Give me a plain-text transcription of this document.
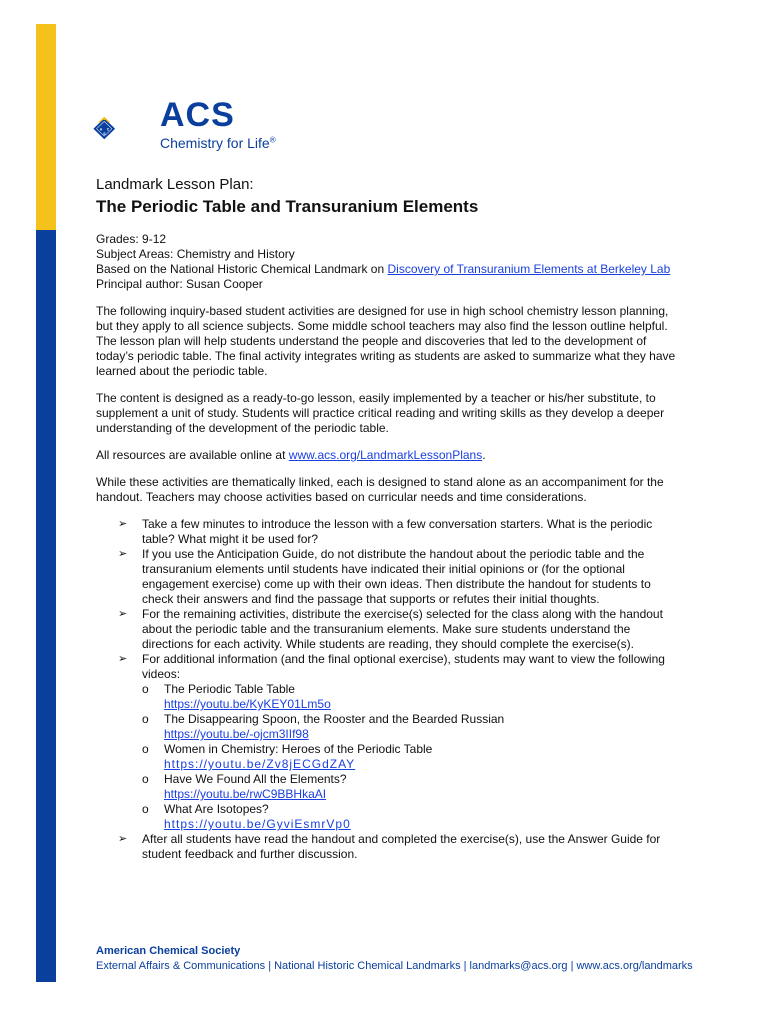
A C
S ACS
Chemistry for Life®
Landmark Lesson Plan:
The Periodic Table and Transuranium Elements
Grades: 9-12
Subject Areas: Chemistry and History
Based on the National Historic Chemical Landmark on Discovery of Transuranium Elements at Berkeley Lab
Principal author: Susan Cooper

The following inquiry-based student activities are designed for use in high school chemistry lesson planning, but they apply to all science subjects. Some middle school teachers may also find the lesson outline helpful. The lesson plan will help students understand the people and discoveries that led to the development of today’s periodic table. The final activity integrates writing as students are asked to summarize what they have learned about the periodic table.

The content is designed as a ready-to-go lesson, easily implemented by a teacher or his/her substitute, to supplement a unit of study. Students will practice critical reading and writing skills as they develop a deeper understanding of the development of the periodic table.

All resources are available online at www.acs.org/LandmarkLessonPlans.

While these activities are thematically linked, each is designed to stand alone as an accompaniment for the handout. Teachers may choose activities based on curricular needs and time considerations.

➢ Take a few minutes to introduce the lesson with a few conversation starters. What is the periodic table? What might it be used for?
➢ If you use the Anticipation Guide, do not distribute the handout about the periodic table and the transuranium elements until students have indicated their initial opinions or (for the optional engagement exercise) come up with their own ideas. Then distribute the handout for students to check their answers and find the passage that supports or refutes their initial thoughts.
➢ For the remaining activities, distribute the exercise(s) selected for the class along with the handout about the periodic table and the transuranium elements. Make sure students understand the directions for each activity. While students are reading, they should complete the exercise(s).
➢ For additional information (and the final optional exercise), students may want to view the following videos:
o The Periodic Table Table
https://youtu.be/KyKEY01Lm5o
o The Disappearing Spoon, the Rooster and the Bearded Russian
https://youtu.be/-ojcm3IIf98
o Women in Chemistry: Heroes of the Periodic Table
https://youtu.be/Zv8jECGdZAY
o Have We Found All the Elements?
https://youtu.be/rwC9BBHkaAI
o What Are Isotopes?
https://youtu.be/GyviEsmrVp0
➢ After all students have read the handout and completed the exercise(s), use the Answer Guide for student feedback and further discussion.
American Chemical Society
External Affairs & Communications | National Historic Chemical Landmarks | landmarks@acs.org | www.acs.org/landmarks
